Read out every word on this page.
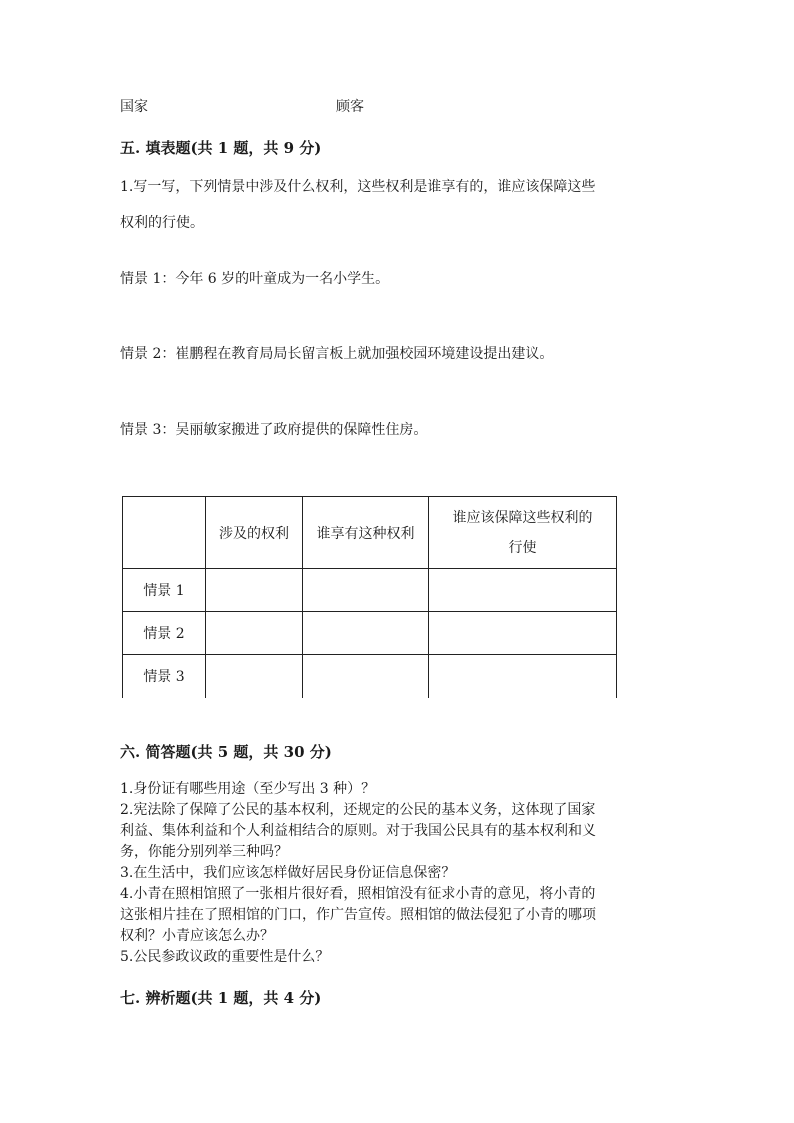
国家	顾客
五. 填表题(共 1 题，共 9 分)
1.写一写，下列情景中涉及什么权利，这些权利是谁享有的，谁应该保障这些
权利的行使。
情景 1：今年 6 岁的叶童成为一名小学生。
情景 2：崔鹏程在教育局局长留言板上就加强校园环境建设提出建议。
情景 3：吴丽敏家搬进了政府提供的保障性住房。
	涉及的权利	谁享有这种权利	谁应该保障这些权利的
行使

情景 1			
情景 2			
情景 3			
六. 简答题(共 5 题，共 30 分)
1.身份证有哪些用途（至少写出 3 种）？
2.宪法除了保障了公民的基本权利，还规定的公民的基本义务，这体现了国家
利益、集体利益和个人利益相结合的原则。对于我国公民具有的基本权利和义
务，你能分别列举三种吗？
3.在生活中，我们应该怎样做好居民身份证信息保密？
4.小青在照相馆照了一张相片很好看，照相馆没有征求小青的意见，将小青的
这张相片挂在了照相馆的门口，作广告宣传。照相馆的做法侵犯了小青的哪项
权利？小青应该怎么办？
5.公民参政议政的重要性是什么？
七. 辨析题(共 1 题，共 4 分)
